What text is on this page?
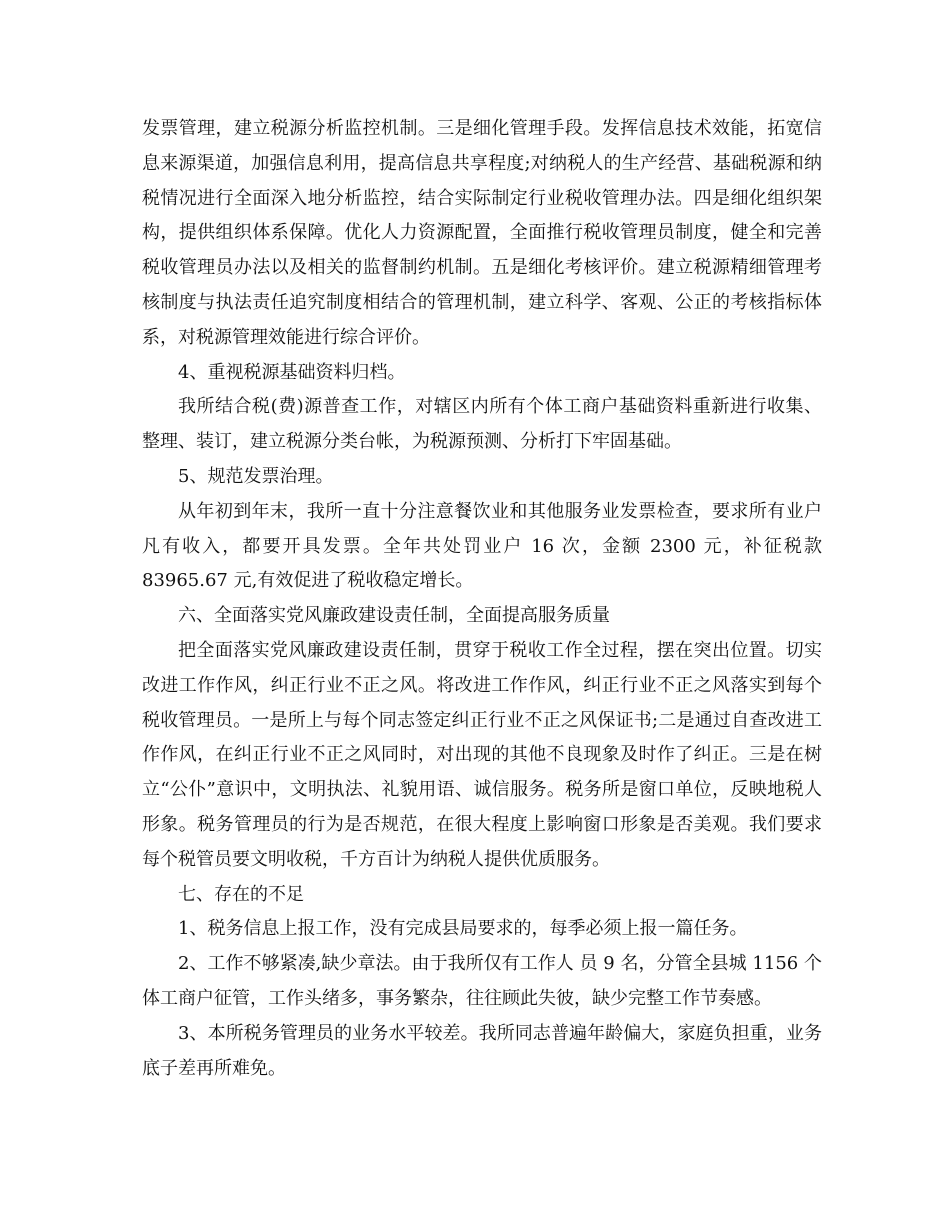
发票管理，建立税源分析监控机制。三是细化管理手段。发挥信息技术效能，拓宽信息来源渠道，加强信息利用，提高信息共享程度;对纳税人的生产经营、基础税源和纳税情况进行全面深入地分析监控，结合实际制定行业税收管理办法。四是细化组织架构，提供组织体系保障。优化人力资源配置，全面推行税收管理员制度，健全和完善税收管理员办法以及相关的监督制约机制。五是细化考核评价。建立税源精细管理考核制度与执法责任追究制度相结合的管理机制，建立科学、客观、公正的考核指标体系，对税源管理效能进行综合评价。

4、重视税源基础资料归档。

我所结合税(费)源普查工作，对辖区内所有个体工商户基础资料重新进行收集、整理、装订，建立税源分类台帐，为税源预测、分析打下牢固基础。

5、规范发票治理。

从年初到年末，我所一直十分注意餐饮业和其他服务业发票检查，要求所有业户凡有收入，都要开具发票。全年共处罚业户 16 次，金额 2300 元，补征税款83965.67 元,有效促进了税收稳定增长。

六、全面落实党风廉政建设责任制，全面提高服务质量

把全面落实党风廉政建设责任制，贯穿于税收工作全过程，摆在突出位置。切实改进工作作风，纠正行业不正之风。将改进工作作风，纠正行业不正之风落实到每个税收管理员。一是所上与每个同志签定纠正行业不正之风保证书;二是通过自查改进工作作风，在纠正行业不正之风同时，对出现的其他不良现象及时作了纠正。三是在树立“公仆”意识中，文明执法、礼貌用语、诚信服务。税务所是窗口单位，反映地税人形象。税务管理员的行为是否规范，在很大程度上影响窗口形象是否美观。我们要求每个税管员要文明收税，千方百计为纳税人提供优质服务。

七、存在的不足

1、税务信息上报工作，没有完成县局要求的，每季必须上报一篇任务。

2、工作不够紧凑,缺少章法。由于我所仅有工作人 员 9 名，分管全县城 1156 个体工商户征管，工作头绪多，事务繁杂，往往顾此失彼，缺少完整工作节奏感。

3、本所税务管理员的业务水平较差。我所同志普遍年龄偏大，家庭负担重，业务底子差再所难免。
